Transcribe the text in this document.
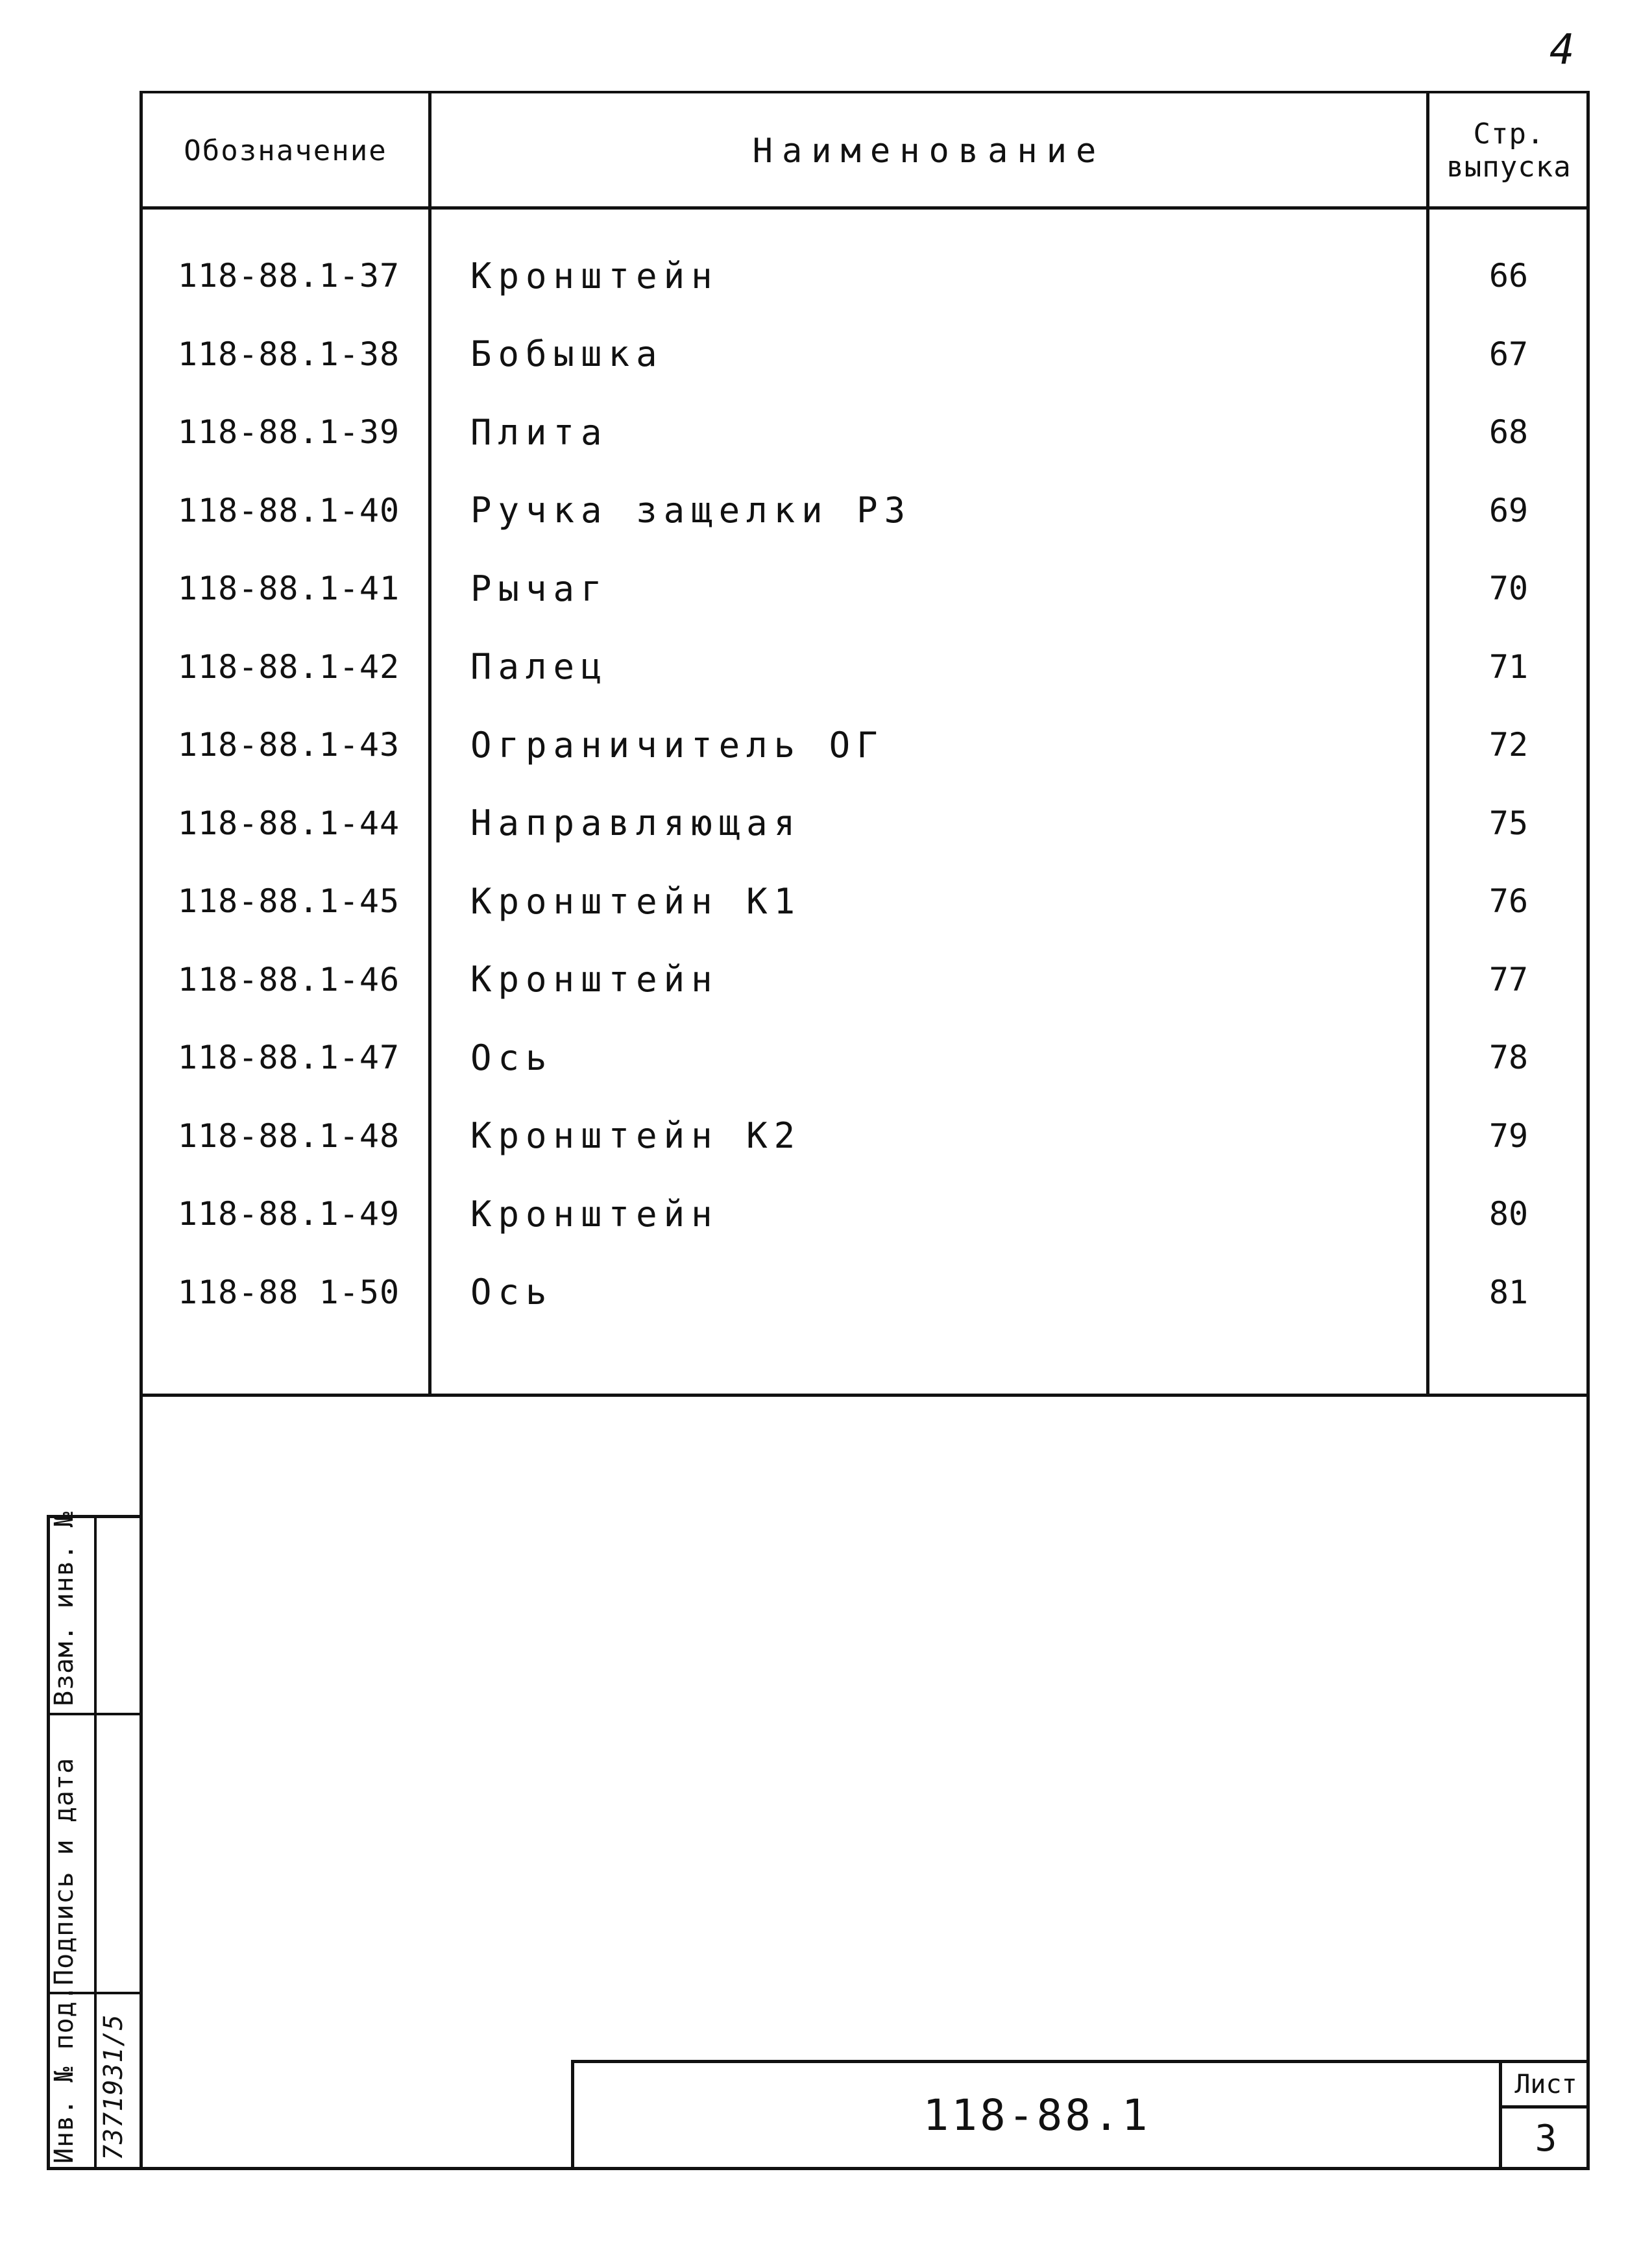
4
Обозначение	Наименование	Стр.
выпуска
118-88.1-37	Кронштейн	66
118-88.1-38	Бобышка	67
118-88.1-39	Плита	68
118-88.1-40	Ручка защелки РЗ	69
118-88.1-41	Рычаг	70
118-88.1-42	Палец	71
118-88.1-43	Ограничитель ОГ	72
118-88.1-44	Направляющая	75
118-88.1-45	Кронштейн К1	76
118-88.1-46	Кронштейн	77
118-88.1-47	Ось	78
118-88.1-48	Кронштейн К2	79
118-88.1-49	Кронштейн	80
118-88 1-50	Ось	81
Взам. инв. №
Подпись и дата
Инв. № под. 7371931/5	118-88.1
Лист
3
